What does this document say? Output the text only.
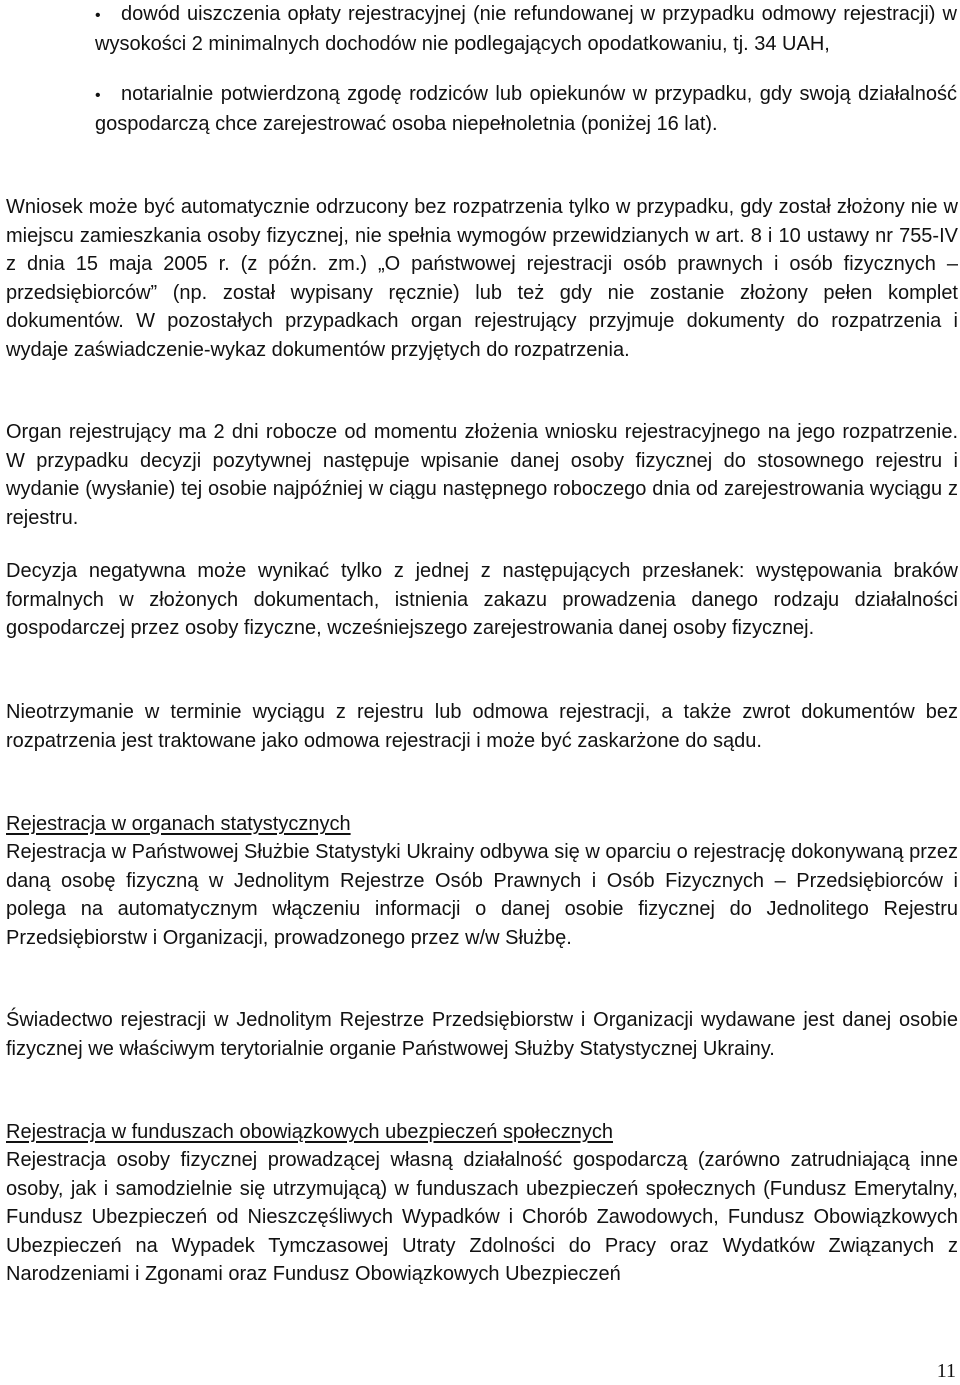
• dowód uiszczenia opłaty rejestracyjnej (nie refundowanej w przypadku odmowy rejestracji) w wysokości 2 minimalnych dochodów nie podlegających opodatkowaniu, tj. 34 UAH,
• notarialnie potwierdzoną zgodę rodziców lub opiekunów w przypadku, gdy swoją działalność gospodarczą chce zarejestrować osoba niepełnoletnia (poniżej 16 lat).

Wniosek może być automatycznie odrzucony bez rozpatrzenia tylko w przypadku, gdy został złożony nie w miejscu zamieszkania osoby fizycznej, nie spełnia wymogów przewidzianych w art. 8 i 10 ustawy nr 755-IV z dnia 15 maja 2005 r. (z późn. zm.) „O państwowej rejestracji osób prawnych i osób fizycznych – przedsiębiorców” (np. został wypisany ręcznie) lub też gdy nie zostanie złożony pełen komplet dokumentów. W pozostałych przypadkach organ rejestrujący przyjmuje dokumenty do rozpatrzenia i wydaje zaświadczenie-wykaz dokumentów przyjętych do rozpatrzenia.

Organ rejestrujący ma 2 dni robocze od momentu złożenia wniosku rejestracyjnego na jego rozpatrzenie. W przypadku decyzji pozytywnej następuje wpisanie danej osoby fizycznej do stosownego rejestru i wydanie (wysłanie) tej osobie najpóźniej w ciągu następnego roboczego dnia od zarejestrowania wyciągu z rejestru.

Decyzja negatywna może wynikać tylko z jednej z następujących przesłanek: występowania braków formalnych w złożonych dokumentach, istnienia zakazu prowadzenia danego rodzaju działalności gospodarczej przez osoby fizyczne, wcześniejszego zarejestrowania danej osoby fizycznej.

Nieotrzymanie w terminie wyciągu z rejestru lub odmowa rejestracji, a także zwrot dokumentów bez rozpatrzenia jest traktowane jako odmowa rejestracji i może być zaskarżone do sądu.

Rejestracja w organach statystycznych

Rejestracja w Państwowej Służbie Statystyki Ukrainy odbywa się w oparciu o rejestrację dokonywaną przez daną osobę fizyczną w Jednolitym Rejestrze Osób Prawnych i Osób Fizycznych – Przedsiębiorców i polega na automatycznym włączeniu informacji o danej osobie fizycznej do Jednolitego Rejestru Przedsiębiorstw i Organizacji, prowadzonego przez w/w Służbę.

Świadectwo rejestracji w Jednolitym Rejestrze Przedsiębiorstw i Organizacji wydawane jest danej osobie fizycznej we właściwym terytorialnie organie Państwowej Służby Statystycznej Ukrainy.

Rejestracja w funduszach obowiązkowych ubezpieczeń społecznych

Rejestracja osoby fizycznej prowadzącej własną działalność gospodarczą (zarówno zatrudniającą inne osoby, jak i samodzielnie się utrzymującą) w funduszach ubezpieczeń społecznych (Fundusz Emerytalny, Fundusz Ubezpieczeń od Nieszczęśliwych Wypadków i Chorób Zawodowych, Fundusz Obowiązkowych Ubezpieczeń na Wypadek Tymczasowej Utraty Zdolności do Pracy oraz Wydatków Związanych z Narodzeniami i Zgonami oraz Fundusz Obowiązkowych Ubezpieczeń

11
